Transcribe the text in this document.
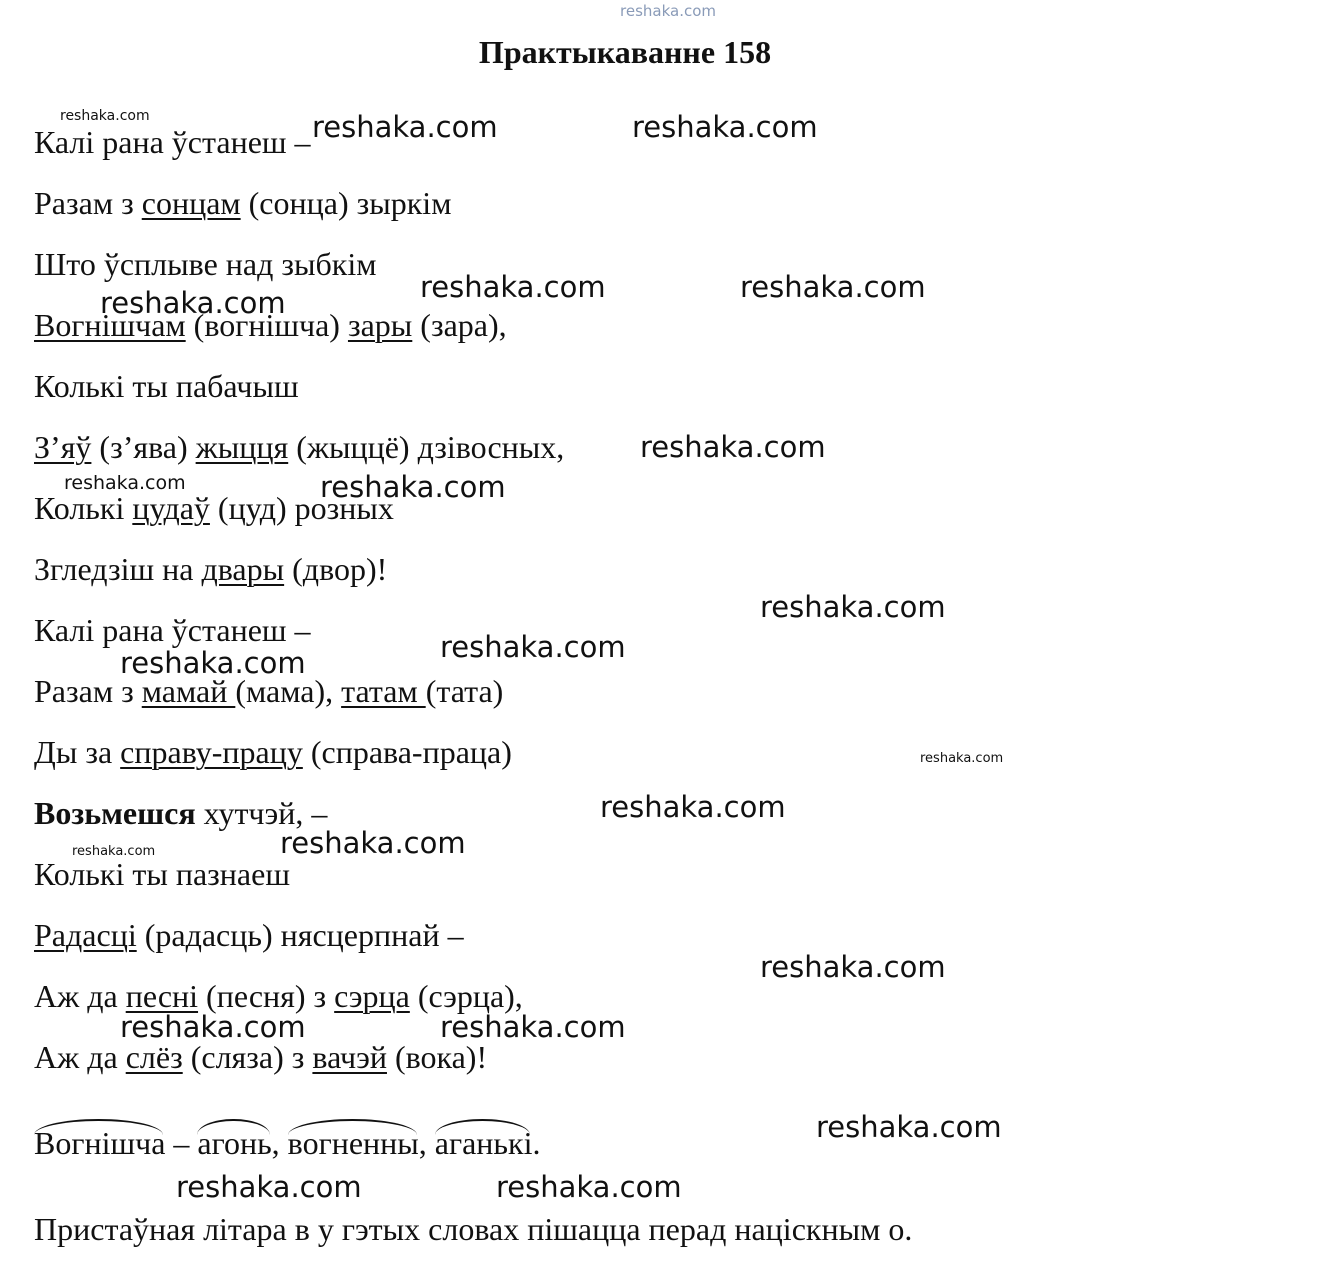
reshaka.com
Практыкаванне 158
Калі рана ўстанеш –
Разам з сонцам (сонца) зыркім
Што ўсплыве над зыбкім
Вогнішчам (вогнішча) зары (зара),
Колькі ты пабачыш
З’яў (з’ява) жыцця (жыццё) дзівосных,
Колькі цудаў (цуд) розных
Згледзіш на двары (двор)!
Калі рана ўстанеш –
Разам з мамай (мама), татам (тата)
Ды за справу-працу (справа-праца)
Возьмешся хутчэй, –
Колькі ты пазнаеш
Радасці (радасць) нясцерпнай –
Аж да песні (песня) з сэрца (сэрца),
Аж да слёз (сляза) з вачэй (вока)!
Вогнішча – агонь, вогненны, аганькі.
Пристаўная літара в у гэтых словах пішацца перад націскным о.
reshaka.com	reshaka.com	reshaka.com
reshaka.com	reshaka.com
reshaka.com
reshaka.com
reshaka.com	reshaka.com
reshaka.com
reshaka.com
reshaka.com
reshaka.com
reshaka.com
reshaka.com
reshaka.com
reshaka.com
reshaka.com	reshaka.com
reshaka.com
reshaka.com	reshaka.com
